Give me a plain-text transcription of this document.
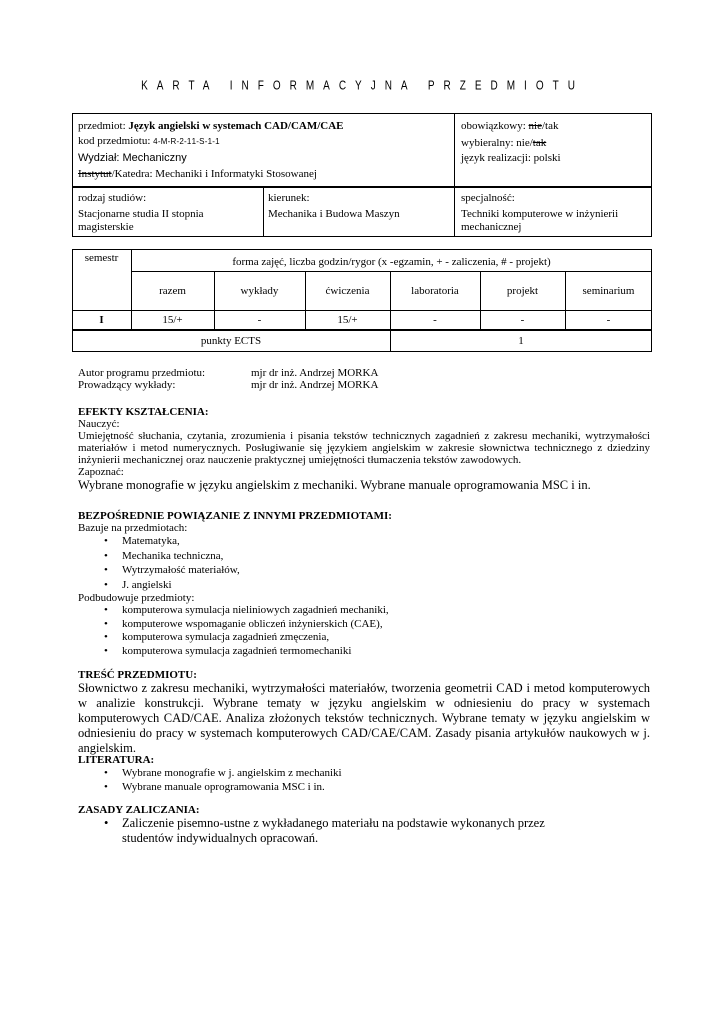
KARTA INFORMACYJNA PRZEDMIOTU
przedmiot: Język angielski w systemach CAD/CAM/CAE
kod przedmiotu: 4 - M - R - 2 - 1 1 - S - 1 - 1
Wydział: Mechaniczny
Instytut/Katedra: Mechaniki i Informatyki Stosowanej
obowiązkowy: nie/tak
wybieralny: nie/tak
język realizacji: polski
rodzaj studiów:
Stacjonarne studia II stopnia magisterskie
kierunek:
Mechanika i Budowa Maszyn
specjalność:
Techniki komputerowe w inżynierii mechanicznej
semestr	forma zajęć, liczba godzin/rygor (x -egzamin, + - zaliczenia, # - projekt)
razem	wykłady	ćwiczenia	laboratoria	projekt	seminarium
I	15/+	-	15/+	-	-	-
punkty ECTS	1
Autor programu przedmiotu:	mjr dr inż. Andrzej MORKA
Prowadzący wykłady:	mjr dr inż. Andrzej MORKA
EFEKTY KSZTAŁCENIA:
Nauczyć:
Umiejętność słuchania, czytania, zrozumienia i pisania tekstów technicznych zagadnień z zakresu mechaniki, wytrzymałości materiałów i metod numerycznych. Posługiwanie się językiem angielskim w zakresie słownictwa technicznego z dziedziny inżynierii mechanicznej oraz nauczenie praktycznej umiejętności tłumaczenia tekstów zawodowych.
Zapoznać:
Wybrane monografie w języku angielskim z mechaniki. Wybrane manuale oprogramowania MSC i in.
BEZPOŚREDNIE POWIĄZANIE Z INNYMI PRZEDMIOTAMI:
Bazuje na przedmiotach:
• Matematyka,
• Mechanika techniczna,
• Wytrzymałość materiałów,
• J. angielski
Podbudowuje przedmioty:
• komputerowa symulacja nieliniowych zagadnień mechaniki,
• komputerowe wspomaganie obliczeń inżynierskich (CAE),
• komputerowa symulacja zagadnień zmęczenia,
• komputerowa symulacja zagadnień termomechaniki
TREŚĆ PRZEDMIOTU:
Słownictwo z zakresu mechaniki, wytrzymałości materiałów, tworzenia geometrii CAD i metod komputerowych w analizie konstrukcji. Wybrane tematy w języku angielskim w odniesieniu do pracy w systemach komputerowych CAD/CAE. Analiza złożonych tekstów technicznych. Wybrane tematy w języku angielskim w odniesieniu do pracy w systemach komputerowych CAD/CAE/CAM. Zasady pisania artykułów naukowych w j. angielskim.
LITERATURA:
• Wybrane monografie w j. angielskim z mechaniki
• Wybrane manuale oprogramowania MSC i in.
ZASADY ZALICZANIA:
• Zaliczenie pisemno-ustne z wykładanego materiału na podstawie wykonanych przez studentów indywidualnych opracowań.
